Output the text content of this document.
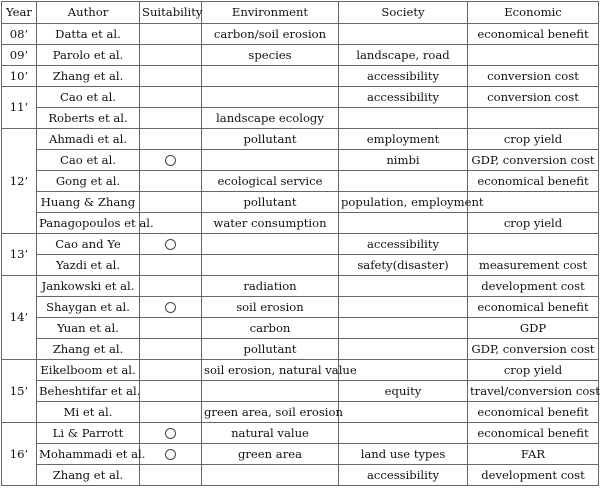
Year	Author	Suitability	Environment	Society	Economic
08’	Datta et al.		carbon/soil erosion		economical benefit
09’	Parolo et al.		species	landscape, road	
10’	Zhang et al.			accessibility	conversion cost
11’	Cao et al.			accessibility	conversion cost
	Roberts et al.		landscape ecology		
12’	Ahmadi et al.		pollutant	employment	crop yield
	Cao et al.			nimbi	GDP, conversion cost
	Gong et al.		ecological service		economical benefit
	Huang & Zhang		pollutant	population, employment	
	Panagopoulos et al.		water consumption		crop yield
13’	Cao and Ye			accessibility	
	Yazdi et al.			safety(disaster)	measurement cost
14’	Jankowski et al.		radiation		development cost
	Shaygan et al.		soil erosion		economical benefit
	Yuan et al.		carbon		GDP
	Zhang et al.		pollutant		GDP, conversion cost
15’	Eikelboom et al.		soil erosion, natural value		crop yield
	Beheshtifar et al.			equity	travel/conversion cost
	Mi et al.		green area, soil erosion		economical benefit
16’	Li & Parrott		natural value		economical benefit
	Mohammadi et al.		green area	land use types	FAR
	Zhang et al.			accessibility	development cost
